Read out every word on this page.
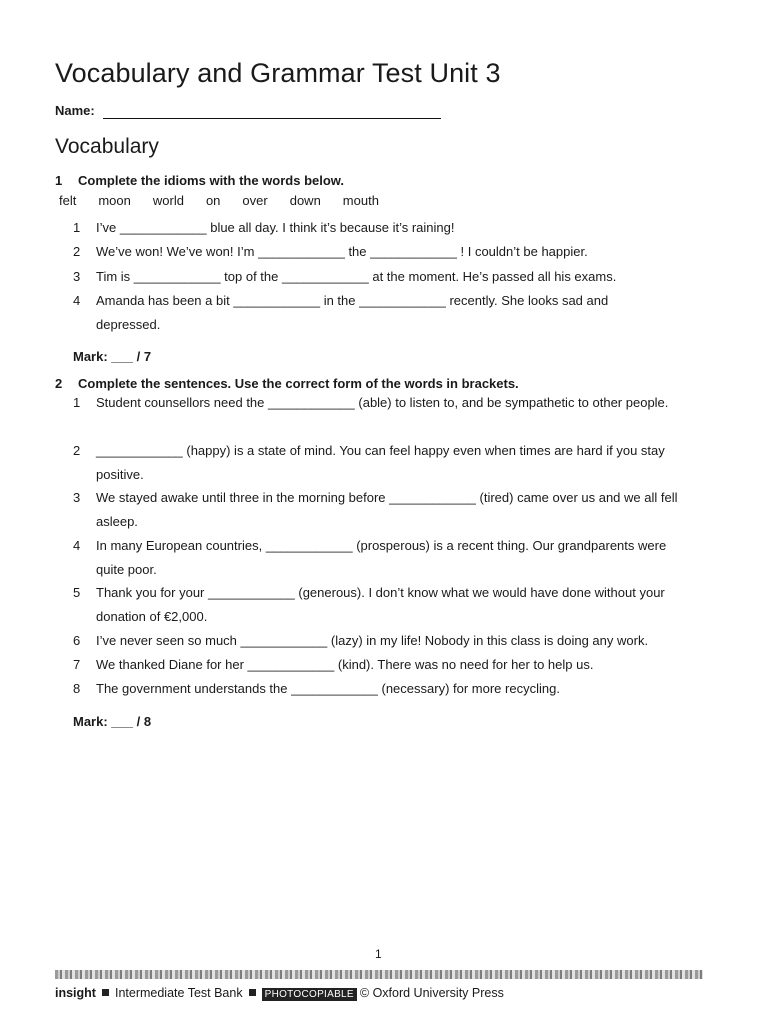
Vocabulary and Grammar Test Unit 3
Name:
Vocabulary
1 Complete the idioms with the words below.
felt moon world on over down mouth
1	I’ve ____________ blue all day. I think it’s because it’s raining!
2	We’ve won! We’ve won! I’m ____________ the ____________ ! I couldn’t be happier.
3	Tim is ____________ top of the ____________ at the moment. He’s passed all his exams.
4	Amanda has been a bit ____________ in the ____________ recently. She looks sad and depressed.
Mark: ___ / 7
2 Complete the sentences. Use the correct form of the words in brackets.
1	Student counsellors need the ____________ (able) to listen to, and be sympathetic to other people.
2	____________ (happy) is a state of mind. You can feel happy even when times are hard if you stay positive.
3	We stayed awake until three in the morning before ____________ (tired) came over us and we all fell asleep.
4	In many European countries, ____________ (prosperous) is a recent thing. Our grandparents were quite poor.
5	Thank you for your ____________ (generous). I don’t know what we would have done without your donation of €2,000.
6	I’ve never seen so much ____________ (lazy) in my life! Nobody in this class is doing any work.
7	We thanked Diane for her ____________ (kind). There was no need for her to help us.
8	The government understands the ____________ (necessary) for more recycling.
Mark: ___ / 8
1
insight Intermediate Test Bank PHOTOCOPIABLE © Oxford University Press
